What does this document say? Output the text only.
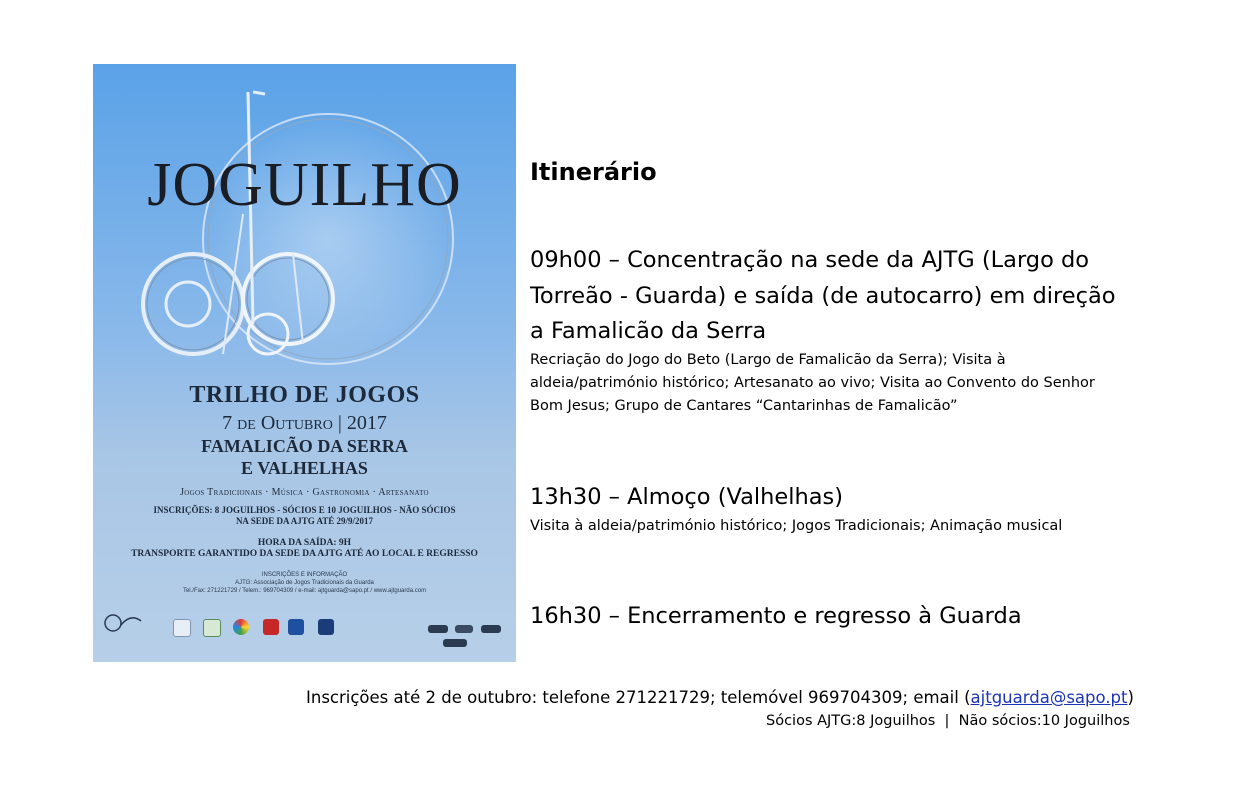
JOGUILHO
TRILHO DE JOGOS
7 de Outubro | 2017
FAMALICÃO DA SERRA
E VALHELHAS
Jogos Tradicionais · Música · Gastronomia · Artesanato
INSCRIÇÕES: 8 JOGUILHOS - SÓCIOS E 10 JOGUILHOS - NÃO SÓCIOS
NA SEDE DA AJTG ATÉ 29/9/2017
HORA DA SAÍDA: 9H
TRANSPORTE GARANTIDO DA SEDE DA AJTG ATÉ AO LOCAL E REGRESSO
INSCRIÇÕES E INFORMAÇÃO
AJTG: Associação de Jogos Tradicionais da Guarda
Tel./Fax: 271221729 / Telem.: 969704309 / e-mail: ajtguarda@sapo.pt / www.ajtguarda.com
Itinerário
09h00 – Concentração na sede da AJTG (Largo do
Torreão - Guarda) e saída (de autocarro) em direção
a Famalicão da Serra
Recriação do Jogo do Beto (Largo de Famalicão da Serra); Visita à
aldeia/património histórico; Artesanato ao vivo; Visita ao Convento do Senhor
Bom Jesus; Grupo de Cantares “Cantarinhas de Famalicão”
13h30 – Almoço (Valhelhas)
Visita à aldeia/património histórico; Jogos Tradicionais; Animação musical
16h30 – Encerramento e regresso à Guarda
Inscrições até 2 de outubro: telefone 271221729; telemóvel 969704309; email (ajtguarda@sapo.pt)
Sócios AJTG:8 Joguilhos  |  Não sócios:10 Joguilhos
